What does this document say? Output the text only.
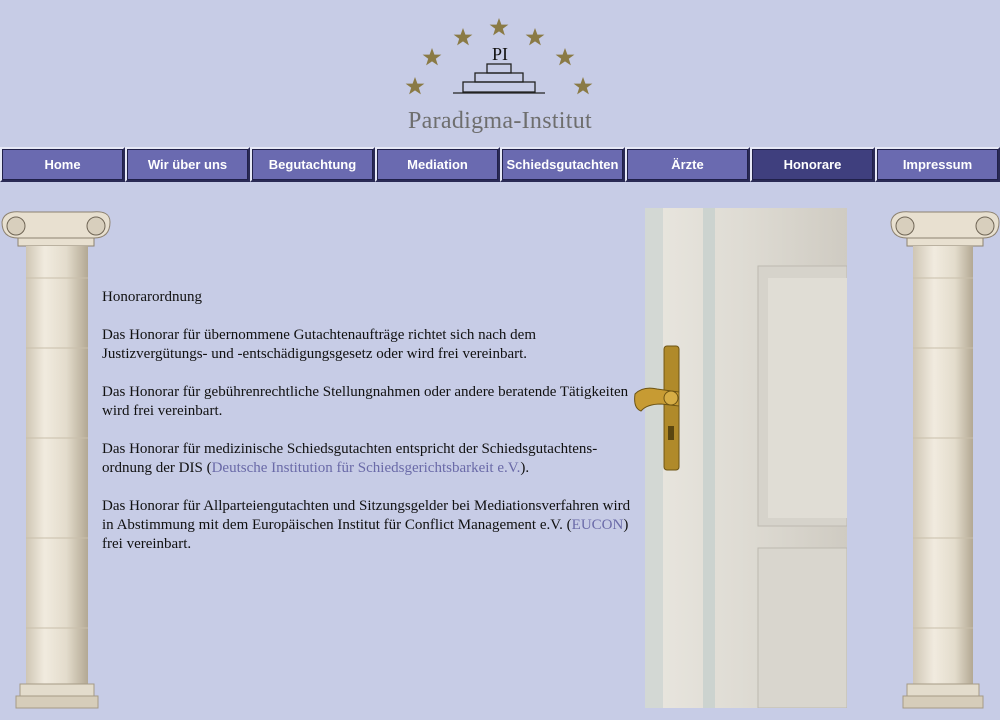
PI
Paradigma-Institut
Home	Wir über uns	Begutachtung	Mediation	Schiedsgutachten	Ärzte	Honorare	Impressum

Honorarordnung

Das Honorar für übernommene Gutachtenaufträge richtet sich nach dem Justizvergütungs- und -entschädigungsgesetz oder wird frei vereinbart.

Das Honorar für gebührenrechtliche Stellungnahmen oder andere beratende Tätigkeiten wird frei vereinbart.

Das Honorar für medizinische Schiedsgutachten entspricht der Schiedsgutachtensordnung der DIS (Deutsche Institution für Schiedsgerichtsbarkeit e.V.).

Das Honorar für Allparteiengutachten und Sitzungsgelder bei Mediationsverfahren wird in Abstimmung mit dem Europäischen Institut für Conflict Management e.V. (EUCON) frei vereinbart.
